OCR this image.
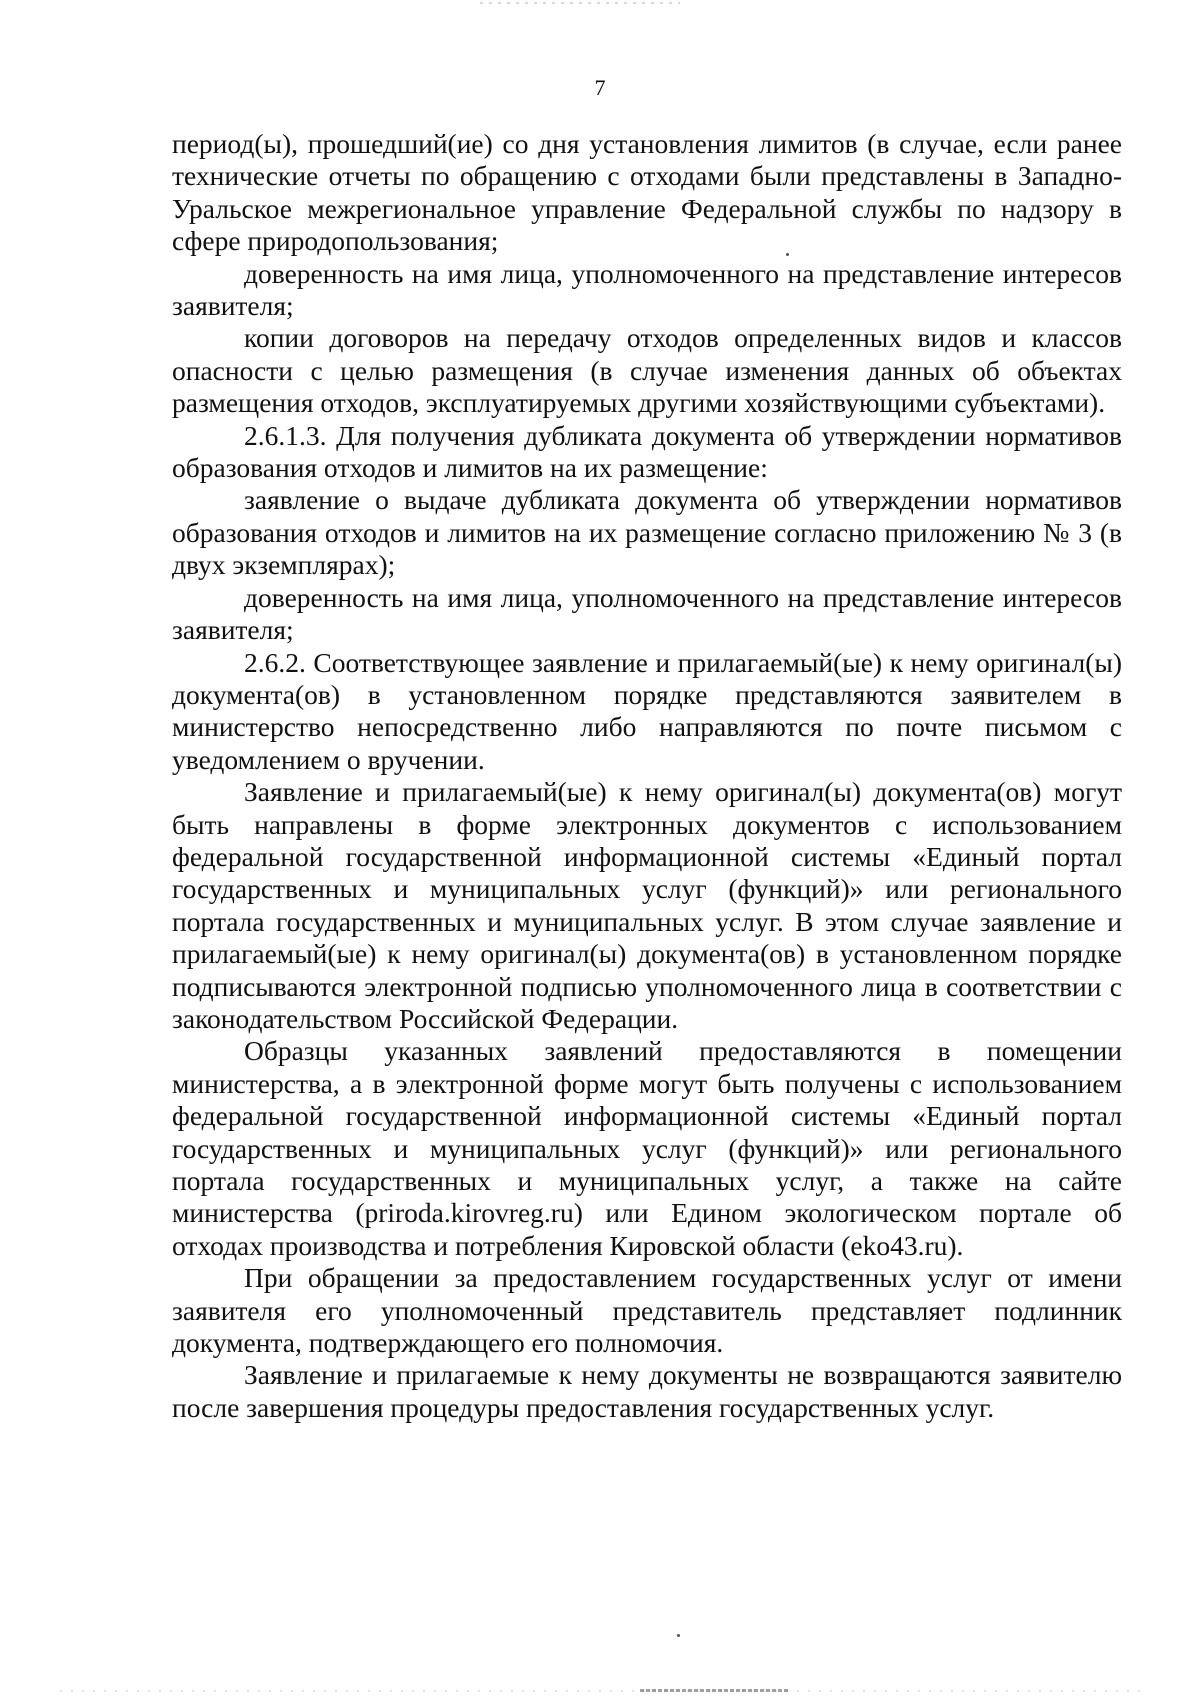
7

период(ы), прошедший(ие) со дня установления лимитов (в случае, если ранее технические отчеты по обращению с отходами были представлены в Западно-Уральское межрегиональное управление Федеральной службы по надзору в сфере природопользования;

доверенность на имя лица, уполномоченного на представление интересов заявителя;

копии договоров на передачу отходов определенных видов и классов опасности с целью размещения (в случае изменения данных об объектах размещения отходов, эксплуатируемых другими хозяйствующими субъектами).

2.6.1.3. Для получения дубликата документа об утверждении нормативов образования отходов и лимитов на их размещение:

заявление о выдаче дубликата документа об утверждении нормативов образования отходов и лимитов на их размещение согласно приложению № 3 (в двух экземплярах);

доверенность на имя лица, уполномоченного на представление интересов заявителя;

2.6.2. Соответствующее заявление и прилагаемый(ые) к нему оригинал(ы) документа(ов) в установленном порядке представляются заявителем в министерство непосредственно либо направляются по почте письмом с уведомлением о вручении.

Заявление и прилагаемый(ые) к нему оригинал(ы) документа(ов) могут быть направлены в форме электронных документов с использованием федеральной государственной информационной системы «Единый портал государственных и муниципальных услуг (функций)» или регионального портала государственных и муниципальных услуг. В этом случае заявление и прилагаемый(ые) к нему оригинал(ы) документа(ов) в установленном порядке подписываются электронной подписью уполномоченного лица в соответствии с законодательством Российской Федерации.

Образцы указанных заявлений предоставляются в помещении министерства, а в электронной форме могут быть получены с использованием федеральной государственной информационной системы «Единый портал государственных и муниципальных услуг (функций)» или регионального портала государственных и муниципальных услуг, а также на сайте министерства (priroda.kirovreg.ru) или Едином экологическом портале об отходах производства и потребления Кировской области (eko43.ru).

При обращении за предоставлением государственных услуг от имени заявителя его уполномоченный представитель представляет подлинник документа, подтверждающего его полномочия.

Заявление и прилагаемые к нему документы не возвращаются заявителю после завершения процедуры предоставления государственных услуг.
